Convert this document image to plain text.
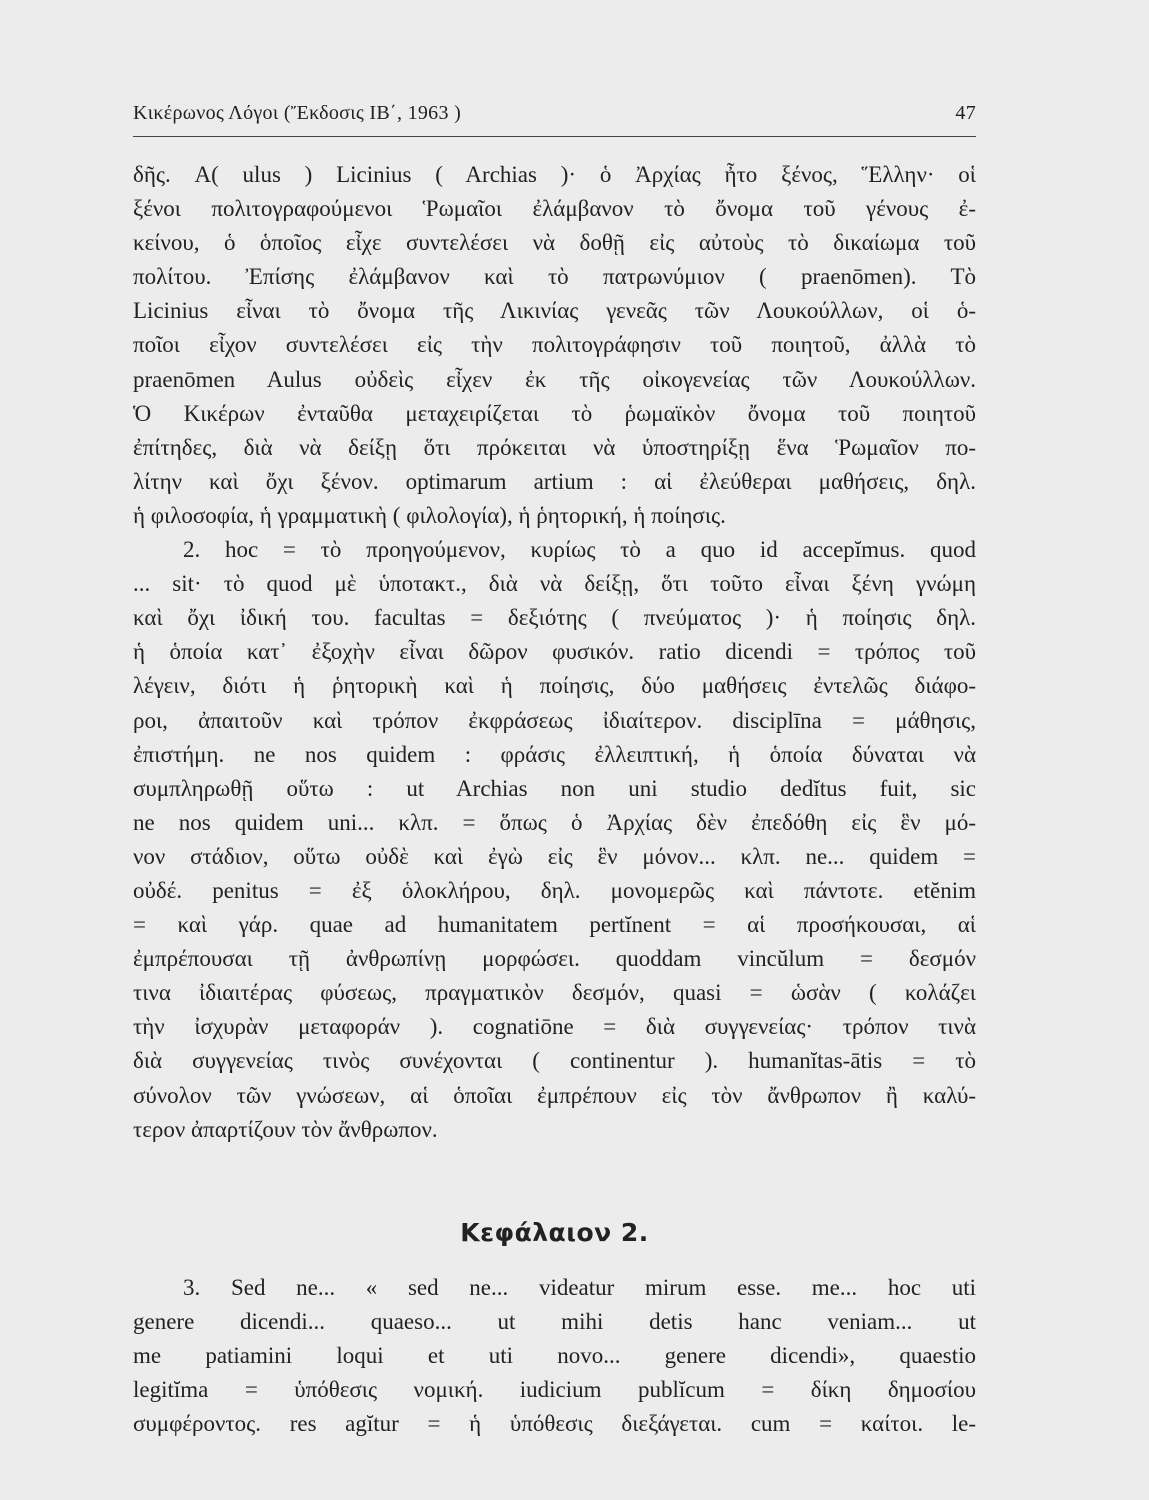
Κικέρωνος Λόγοι (Ἔκδοσις ΙΒ΄, 1963 )	47
δῆς. A( ulus ) Licinius ( Archias )· ὁ Ἀρχίας ἦτο ξένος, Ἕλλην· οἱ
ξένοι πολιτογραφούμενοι Ῥωμαῖοι ἐλάμβανον τὸ ὄνομα τοῦ γένους ἐ-
κείνου, ὁ ὁποῖος εἶχε συντελέσει νὰ δοθῇ εἰς αὐτοὺς τὸ δικαίωμα τοῦ
πολίτου. Ἐπίσης ἐλάμβανον καὶ τὸ πατρωνύμιον ( praenōmen). Τὸ
Licinius εἶναι τὸ ὄνομα τῆς Λικινίας γενεᾶς τῶν Λουκούλλων, οἱ ὁ-
ποῖοι εἶχον συντελέσει εἰς τὴν πολιτογράφησιν τοῦ ποιητοῦ, ἀλλὰ τὸ
praenōmen Aulus οὐδεὶς εἶχεν ἐκ τῆς οἰκογενείας τῶν Λουκούλλων.
Ὁ Κικέρων ἐνταῦθα μεταχειρίζεται τὸ ῥωμαϊκὸν ὄνομα τοῦ ποιητοῦ
ἐπίτηδες, διὰ νὰ δείξῃ ὅτι πρόκειται νὰ ὑποστηρίξῃ ἕνα Ῥωμαῖον πο-
λίτην καὶ ὄχι ξένον. optimarum artium : αἱ ἐλεύθεραι μαθήσεις, δηλ.
ἡ φιλοσοφία, ἡ γραμματικὴ ( φιλολογία), ἡ ῥητορική, ἡ ποίησις.
2. hoc = τὸ προηγούμενον, κυρίως τὸ a quo id accepĭmus. quod
... sit· τὸ quod μὲ ὑποτακτ., διὰ νὰ δείξῃ, ὅτι τοῦτο εἶναι ξένη γνώμη
καὶ ὄχι ἰδική του. facultas = δεξιότης ( πνεύματος )· ἡ ποίησις δηλ.
ἡ ὁποία κατ᾽ ἐξοχὴν εἶναι δῶρον φυσικόν. ratio dicendi = τρόπος τοῦ
λέγειν, διότι ἡ ῥητορικὴ καὶ ἡ ποίησις, δύο μαθήσεις ἐντελῶς διάφο-
ροι, ἀπαιτοῦν καὶ τρόπον ἐκφράσεως ἰδιαίτερον. disciplīna = μάθησις,
ἐπιστήμη. ne nos quidem : φράσις ἐλλειπτική, ἡ ὁποία δύναται νὰ
συμπληρωθῇ οὕτω : ut Archias non uni studio dedĭtus fuit, sic
ne nos quidem uni... κλπ. = ὅπως ὁ Ἀρχίας δὲν ἐπεδόθη εἰς ἓν μό-
νον στάδιον, οὕτω οὐδὲ καὶ ἐγὼ εἰς ἓν μόνον... κλπ. ne... quidem =
οὐδέ. penitus = ἐξ ὁλοκλήρου, δηλ. μονομερῶς καὶ πάντοτε. etĕnim
= καὶ γάρ. quae ad humanitatem pertĭnent = αἱ προσήκουσαι, αἱ
ἐμπρέπουσαι τῇ ἀνθρωπίνῃ μορφώσει. quoddam vincŭlum = δεσμόν
τινα ἰδιαιτέρας φύσεως, πραγματικὸν δεσμόν, quasi = ὡσὰν ( κολάζει
τὴν ἰσχυρὰν μεταφοράν ). cognatiōne = διὰ συγγενείας· τρόπον τινὰ
διὰ συγγενείας τινὸς συνέχονται ( continentur ). humanĭtas-ātis = τὸ
σύνολον τῶν γνώσεων, αἱ ὁποῖαι ἐμπρέπουν εἰς τὸν ἄνθρωπον ἢ καλύ-
τερον ἀπαρτίζουν τὸν ἄνθρωπον.
Κεφάλαιον 2.
3. Sed ne... « sed ne... videatur mirum esse. me... hoc uti
genere dicendi... quaeso... ut mihi detis hanc veniam... ut
me patiamini loqui et uti novo... genere dicendi», quaestio
legitĭma = ὑπόθεσις νομική. iudicium publĭcum = δίκη δημοσίου
συμφέροντος. res agĭtur = ἡ ὑπόθεσις διεξάγεται. cum = καίτοι. le-
